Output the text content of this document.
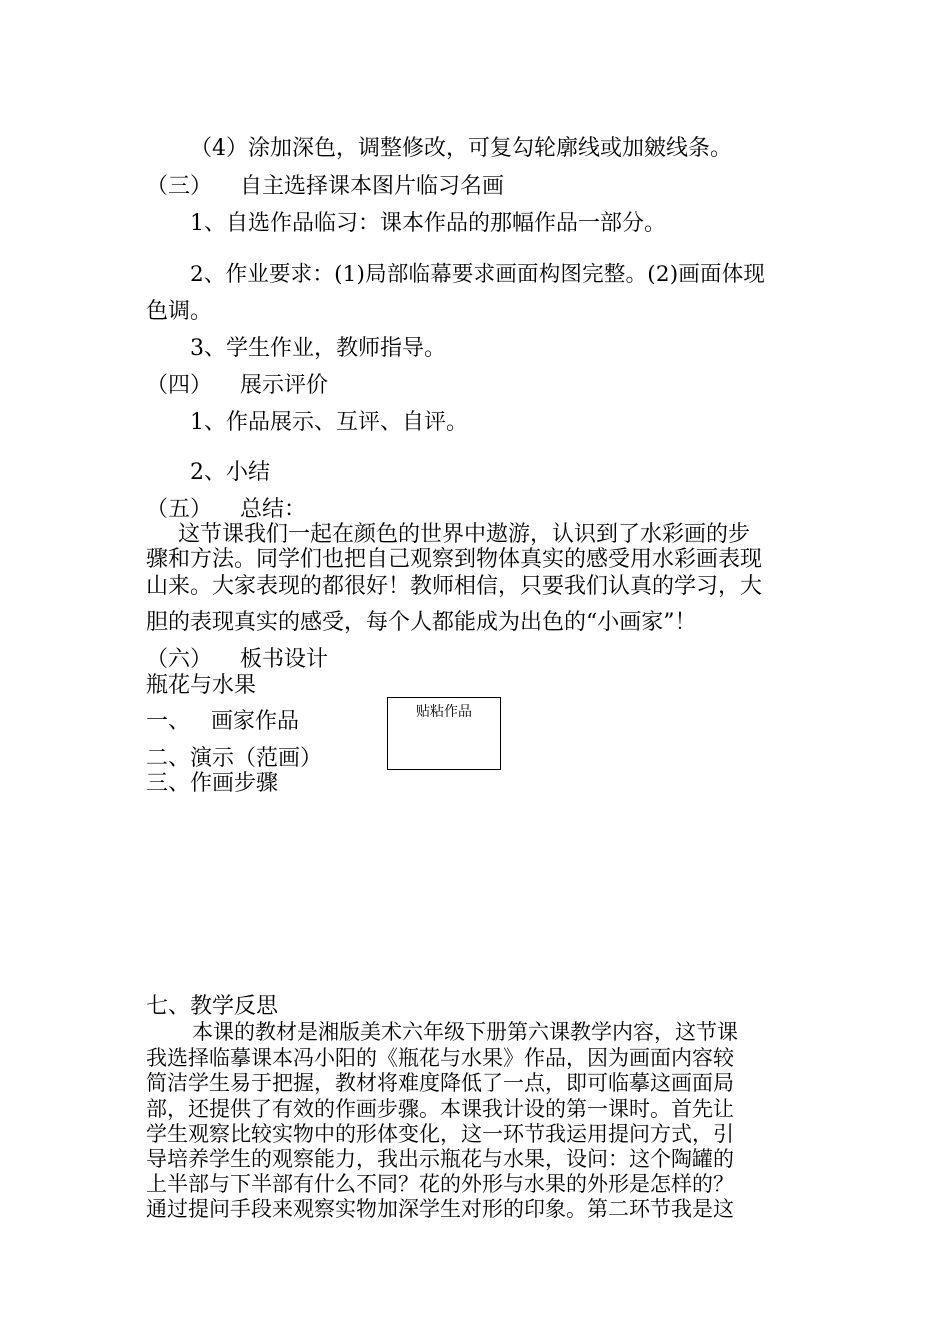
（4）涂加深色，调整修改，可复勾轮廓线或加皴线条。
（三）    自主选择课本图片临习名画
1、自选作品临习：课本作品的那幅作品一部分。
2、作业要求：(1)局部临幕要求画面构图完整。(2)画面体现
色调。
3、学生作业，教师指导。
（四）    展示评价
1、作品展示、互评、自评。
2、小结
（五）    总结：
这节课我们一起在颜色的世界中遨游，认识到了水彩画的步
骤和方法。同学们也把自己观察到物体真实的感受用水彩画表现
山来。大家表现的都很好！教师相信，只要我们认真的学习，大
胆的表现真实的感受，每个人都能成为出色的“小画家”！
（六）    板书设计
瓶花与水果
一、   画家作品
二、演示（范画）
三、作画步骤
贴粘作品
七、教学反思
本课的教材是湘版美术六年级下册第六课教学内容，这节课
我选择临摹课本冯小阳的《瓶花与水果》作品，因为画面内容较
简洁学生易于把握，教材将难度降低了一点，即可临摹这画面局
部，还提供了有效的作画步骤。本课我计设的第一课时。首先让
学生观察比较实物中的形体变化，这一环节我运用提问方式，引
导培养学生的观察能力，我出示瓶花与水果，设问：这个陶罐的
上半部与下半部有什么不同？花的外形与水果的外形是怎样的？
通过提问手段来观察实物加深学生对形的印象。第二环节我是这
